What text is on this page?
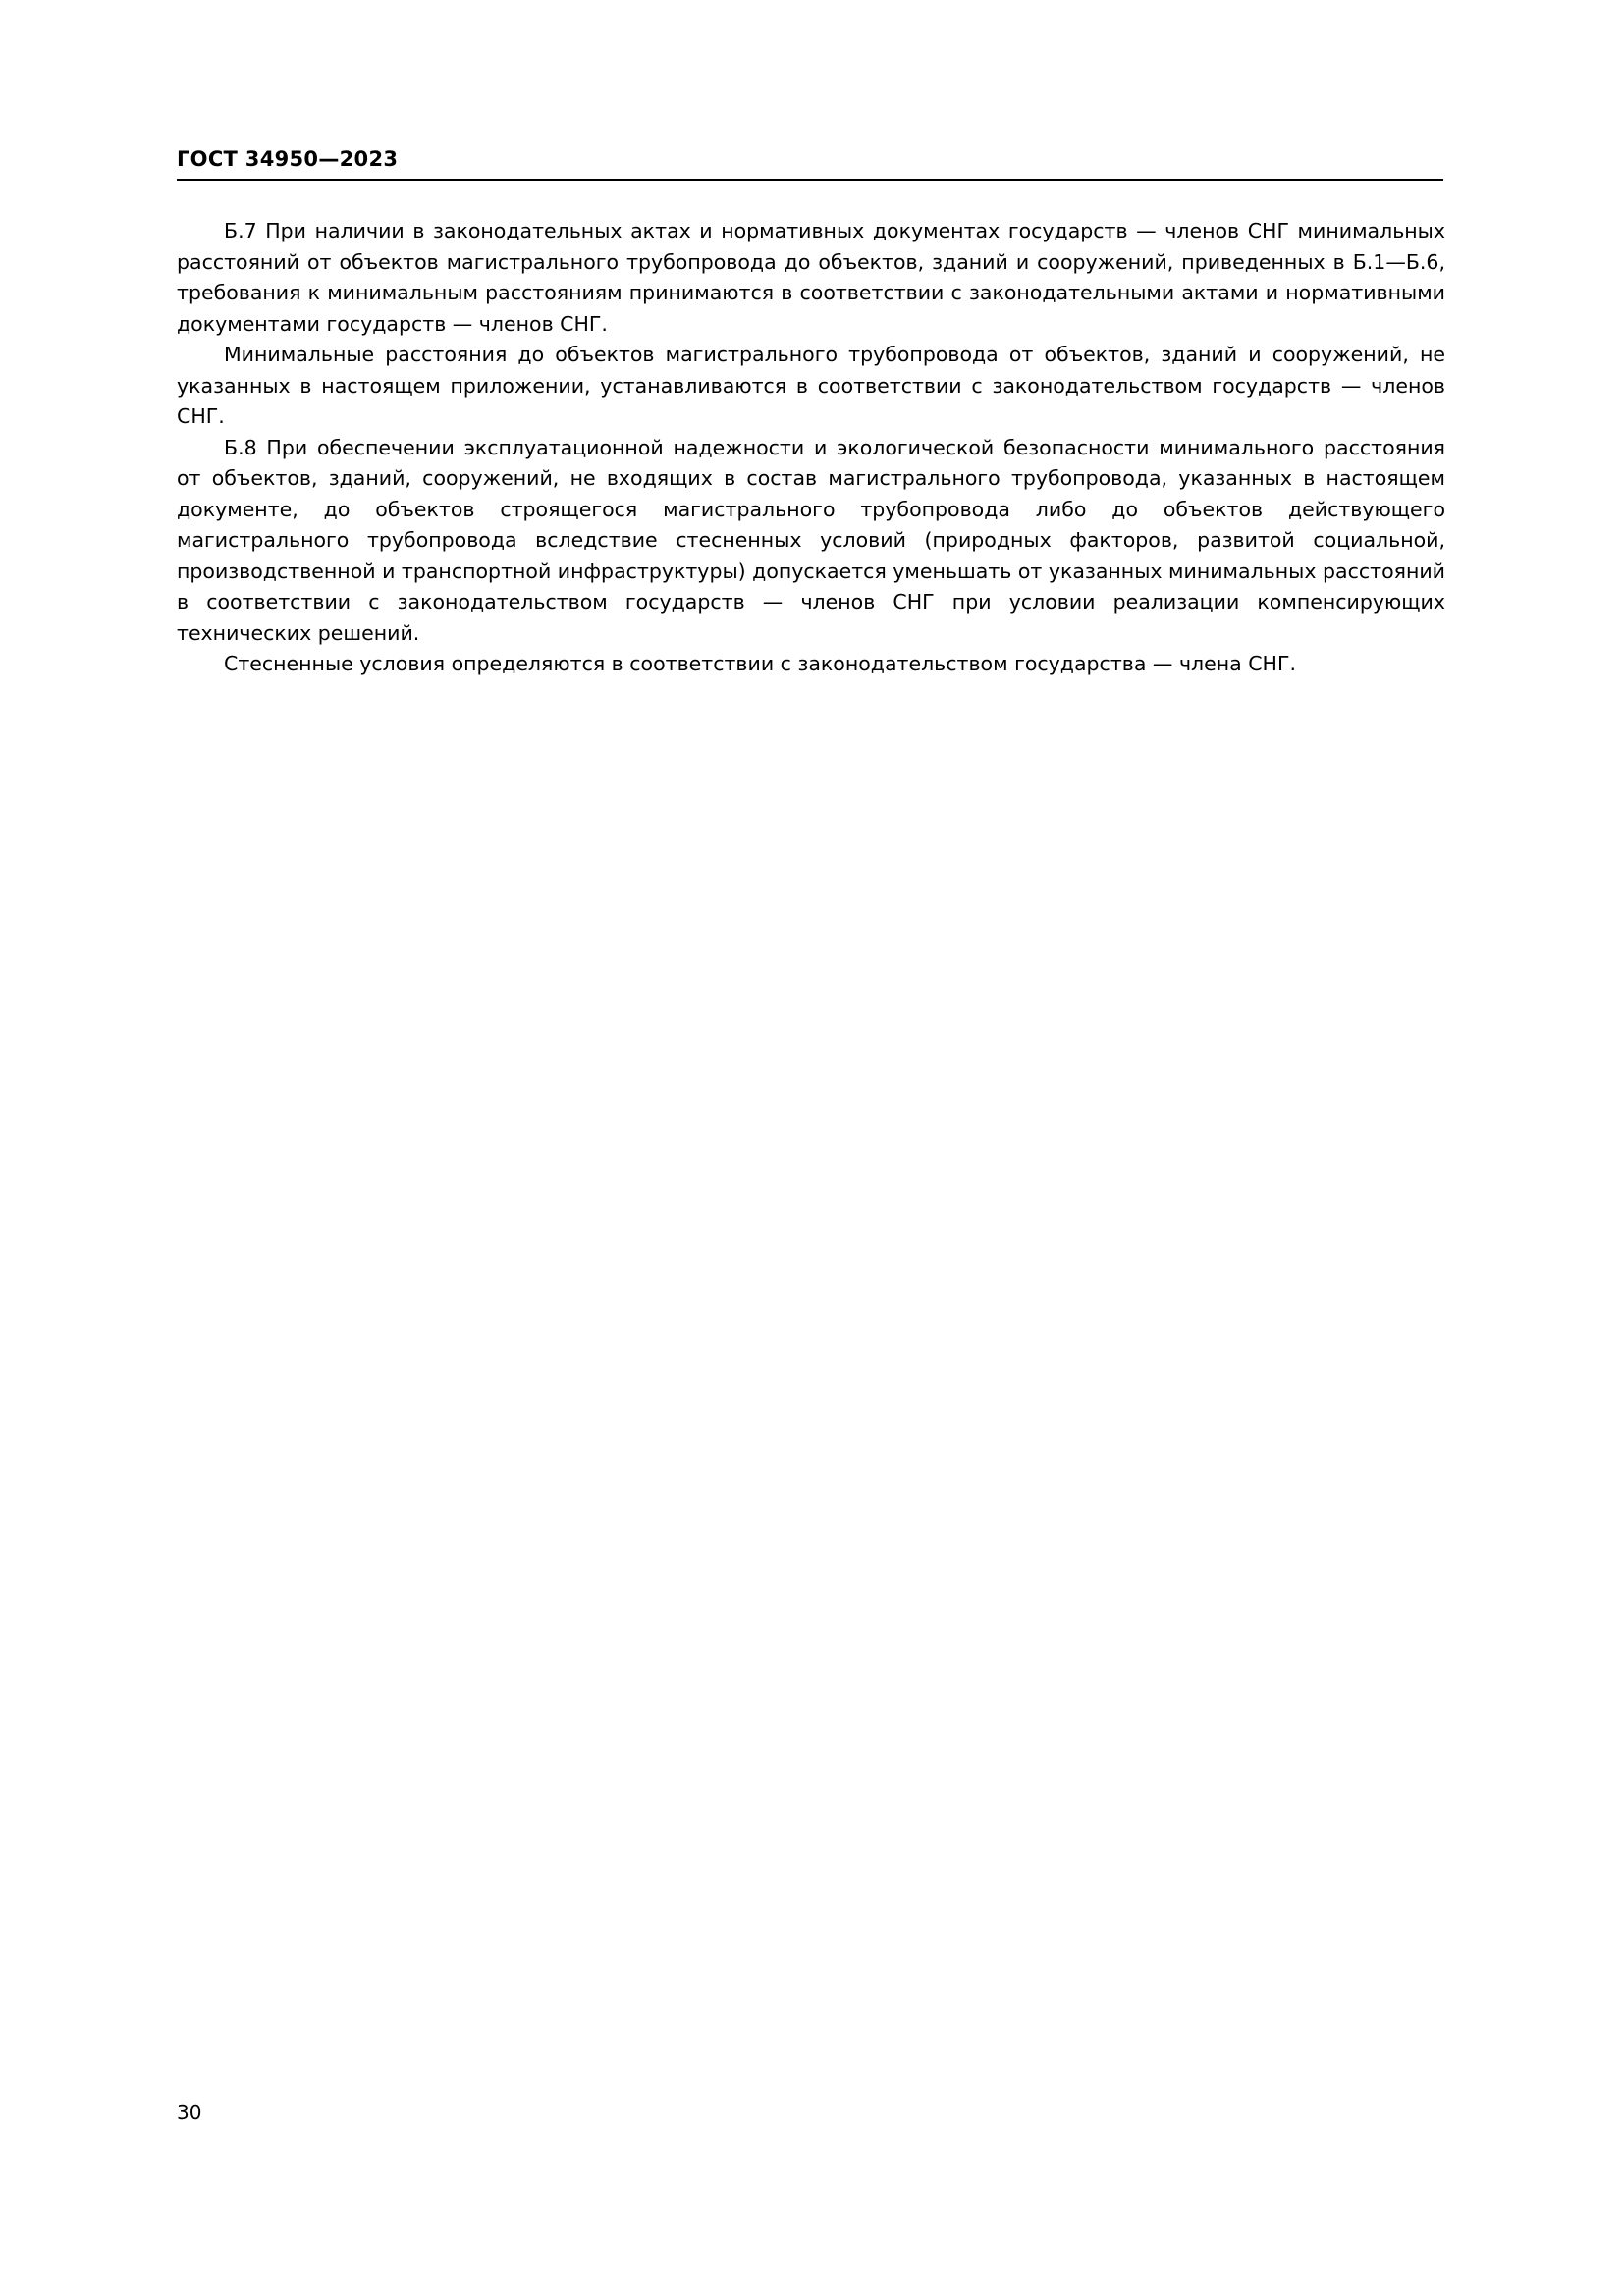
ГОСТ 34950—2023

Б.7 При наличии в законодательных актах и нормативных документах государств — членов СНГ минимальных расстояний от объектов магистрального трубопровода до объектов, зданий и сооружений, приведенных в Б.1—Б.6, требования к минимальным расстояниям принимаются в соответствии с законодательными актами и нормативными документами государств — членов СНГ.

Минимальные расстояния до объектов магистрального трубопровода от объектов, зданий и сооружений, не указанных в настоящем приложении, устанавливаются в соответствии с законодательством государств — членов СНГ.

Б.8 При обеспечении эксплуатационной надежности и экологической безопасности минимального расстояния от объектов, зданий, сооружений, не входящих в состав магистрального трубопровода, указанных в настоящем документе, до объектов строящегося магистрального трубопровода либо до объектов действующего магистрального трубопровода вследствие стесненных условий (природных факторов, развитой социальной, производственной и транспортной инфраструктуры) допускается уменьшать от указанных минимальных расстояний в соответствии с законодательством государств — членов СНГ при условии реализации компенсирующих технических решений.

Стесненные условия определяются в соответствии с законодательством государства — члена СНГ.

30
